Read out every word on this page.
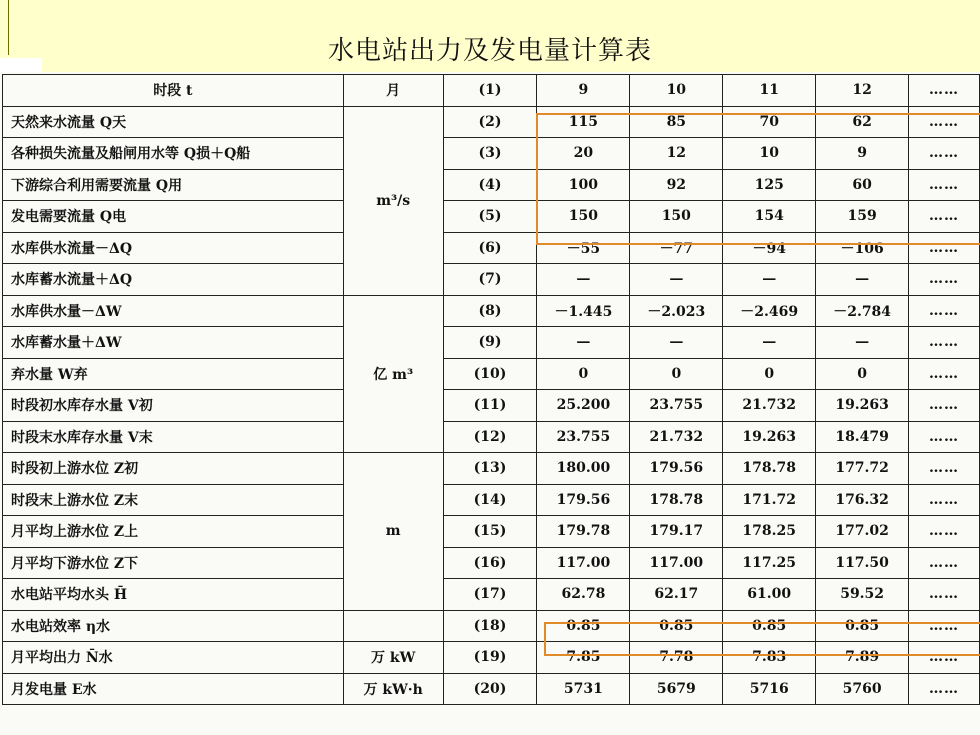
水电站出力及发电量计算表
时段 t	月	(1)	9	10	11	12	……
天然来水流量 Q天	m³/s	(2)	115	85	70	62	……
各种损失流量及船闸用水等 Q损＋Q船		(3)	20	12	10	9	……
下游综合利用需要流量 Q用		(4)	100	92	125	60	……
发电需要流量 Q电		(5)	150	150	154	159	……
水库供水流量－ΔQ		(6)	－55	－77	－94	－106	……
水库蓄水流量＋ΔQ		(7)	—	—	—	—	……
水库供水量－ΔW	亿 m³	(8)	－1.445	－2.023	－2.469	－2.784	……
水库蓄水量＋ΔW		(9)	—	—	—	—	……
弃水量 W弃		(10)	0	0	0	0	……
时段初水库存水量 V初		(11)	25.200	23.755	21.732	19.263	……
时段末水库存水量 V末		(12)	23.755	21.732	19.263	18.479	……
时段初上游水位 Z初	m	(13)	180.00	179.56	178.78	177.72	……
时段末上游水位 Z末		(14)	179.56	178.78	171.72	176.32	……
月平均上游水位 Z上		(15)	179.78	179.17	178.25	177.02	……
月平均下游水位 Z下		(16)	117.00	117.00	117.25	117.50	……
水电站平均水头 H̄		(17)	62.78	62.17	61.00	59.52	……
水电站效率 η水		(18)	0.85	0.85	0.85	0.85	……
月平均出力 N̄水	万 kW	(19)	7.85	7.78	7.83	7.89	……
月发电量 E水	万 kW·h	(20)	5731	5679	5716	5760	……
